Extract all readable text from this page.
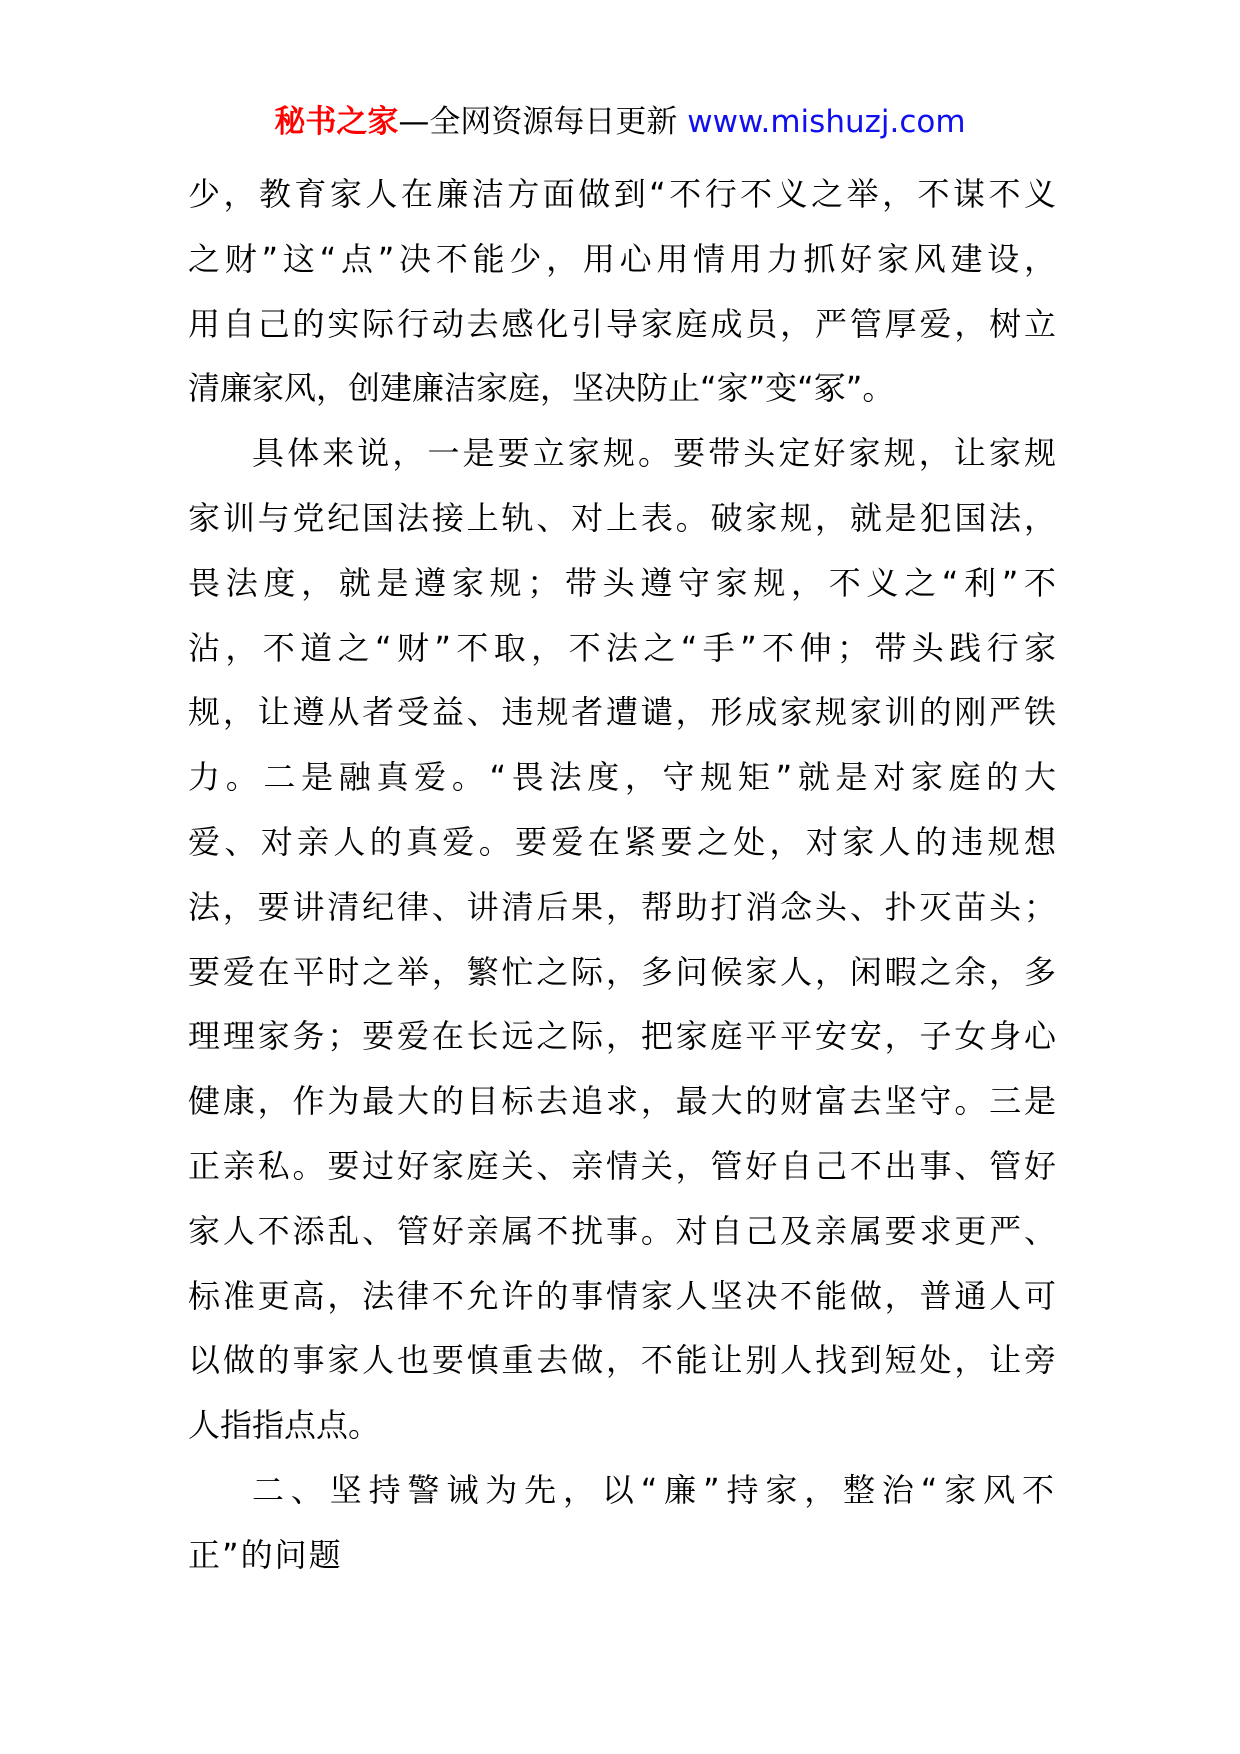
秘书之家—全网资源每日更新 www.mishuzj.com
少，教育家人在廉洁方面做到“不行不义之举，不谋不义
之财”这“点”决不能少，用心用情用力抓好家风建设，
用自己的实际行动去感化引导家庭成员，严管厚爱，树立
清廉家风，创建廉洁家庭，坚决防止“家”变“冢”。
具体来说，一是要立家规。要带头定好家规，让家规
家训与党纪国法接上轨、对上表。破家规，就是犯国法，
畏法度，就是遵家规；带头遵守家规，不义之“利”不
沾，不道之“财”不取，不法之“手”不伸；带头践行家
规，让遵从者受益、违规者遭谴，形成家规家训的刚严铁
力。二是融真爱。“畏法度，守规矩”就是对家庭的大
爱、对亲人的真爱。要爱在紧要之处，对家人的违规想
法，要讲清纪律、讲清后果，帮助打消念头、扑灭苗头；
要爱在平时之举，繁忙之际，多问候家人，闲暇之余，多
理理家务；要爱在长远之际，把家庭平平安安，子女身心
健康，作为最大的目标去追求，最大的财富去坚守。三是
正亲私。要过好家庭关、亲情关，管好自己不出事、管好
家人不添乱、管好亲属不扰事。对自己及亲属要求更严、
标准更高，法律不允许的事情家人坚决不能做，普通人可
以做的事家人也要慎重去做，不能让别人找到短处，让旁
人指指点点。
二、坚持警诫为先，以“廉”持家，整治“家风不
正”的问题
